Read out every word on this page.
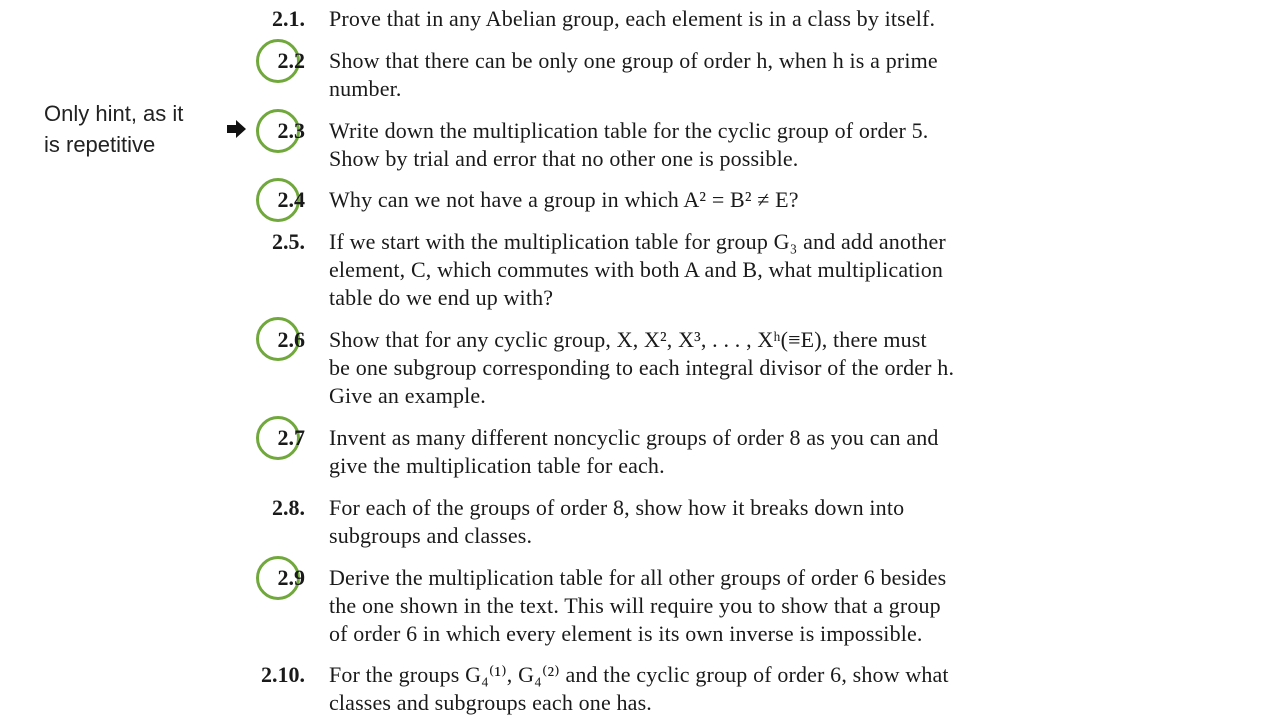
Only hint, as it
is repetitive
2.1. Prove that in any Abelian group, each element is in a class by itself.
2.2 Show that there can be only one group of order h, when h is a prime
number.
2.3 Write down the multiplication table for the cyclic group of order 5.
Show by trial and error that no other one is possible.
2.4 Why can we not have a group in which A² = B² ≠ E?
2.5. If we start with the multiplication table for group G₃ and add another
element, C, which commutes with both A and B, what multiplication
table do we end up with?
2.6 Show that for any cyclic group, X, X², X³, . . . , Xʰ(≡E), there must
be one subgroup corresponding to each integral divisor of the order h.
Give an example.
2.7 Invent as many different noncyclic groups of order 8 as you can and
give the multiplication table for each.
2.8. For each of the groups of order 8, show how it breaks down into
subgroups and classes.
2.9 Derive the multiplication table for all other groups of order 6 besides
the one shown in the text. This will require you to show that a group
of order 6 in which every element is its own inverse is impossible.
2.10. For the groups G₄⁽¹⁾, G₄⁽²⁾ and the cyclic group of order 6, show what
classes and subgroups each one has.
